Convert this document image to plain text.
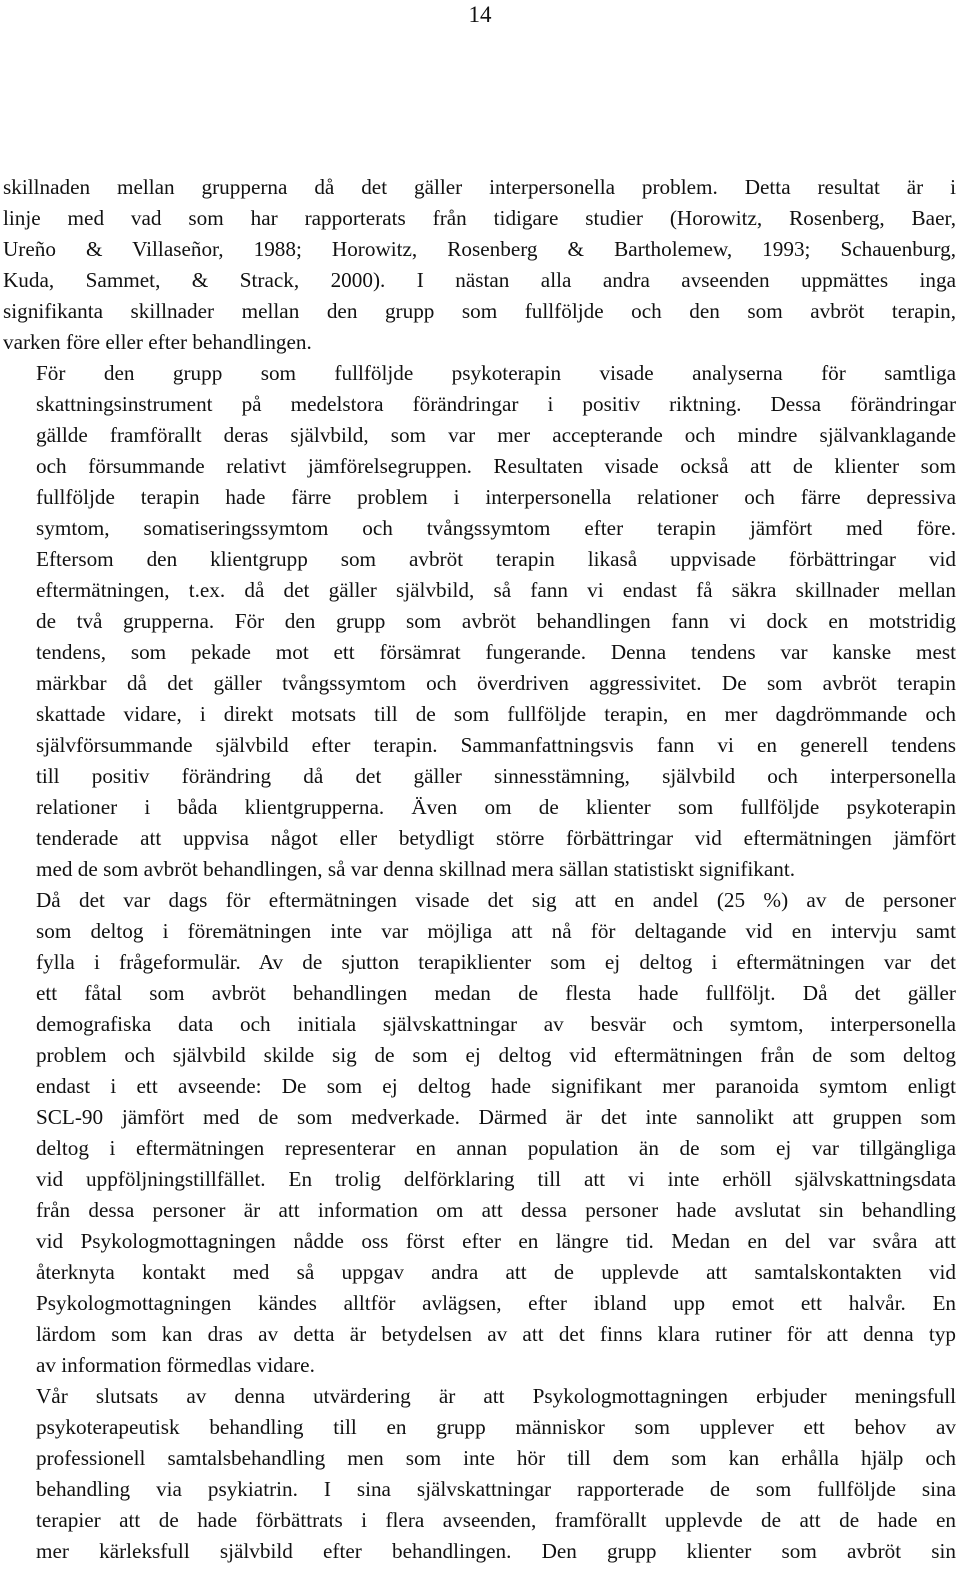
14

skillnaden mellan grupperna då det gäller interpersonella problem. Detta resultat är i
linje med vad som har rapporterats från tidigare studier (Horowitz, Rosenberg, Baer,
Ureño & Villaseñor, 1988; Horowitz, Rosenberg & Bartholemew, 1993; Schauenburg,
Kuda, Sammet, & Strack, 2000). I nästan alla andra avseenden uppmättes inga
signifikanta skillnader mellan den grupp som fullföljde och den som avbröt terapin,
varken före eller efter behandlingen.

För den grupp som fullföljde psykoterapin visade analyserna för samtliga
skattningsinstrument på medelstora förändringar i positiv riktning. Dessa förändringar
gällde framförallt deras självbild, som var mer accepterande och mindre självanklagande
och försummande relativt jämförelsegruppen. Resultaten visade också att de klienter som
fullföljde terapin hade färre problem i interpersonella relationer och färre depressiva
symtom, somatiseringssymtom och tvångssymtom efter terapin jämfört med före.
Eftersom den klientgrupp som avbröt terapin likaså uppvisade förbättringar vid
eftermätningen, t.ex. då det gäller självbild, så fann vi endast få säkra skillnader mellan
de två grupperna. För den grupp som avbröt behandlingen fann vi dock en motstridig
tendens, som pekade mot ett försämrat fungerande. Denna tendens var kanske mest
märkbar då det gäller tvångssymtom och överdriven aggressivitet. De som avbröt terapin
skattade vidare, i direkt motsats till de som fullföljde terapin, en mer dagdrömmande och
självförsummande självbild efter terapin. Sammanfattningsvis fann vi en generell tendens
till positiv förändring då det gäller sinnesstämning, självbild och interpersonella
relationer i båda klientgrupperna. Även om de klienter som fullföljde psykoterapin
tenderade att uppvisa något eller betydligt större förbättringar vid eftermätningen jämfört
med de som avbröt behandlingen, så var denna skillnad mera sällan statistiskt signifikant.

Då det var dags för eftermätningen visade det sig att en andel (25 %) av de personer
som deltog i föremätningen inte var möjliga att nå för deltagande vid en intervju samt
fylla i frågeformulär. Av de sjutton terapiklienter som ej deltog i eftermätningen var det
ett fåtal som avbröt behandlingen medan de flesta hade fullföljt. Då det gäller
demografiska data och initiala självskattningar av besvär och symtom, interpersonella
problem och självbild skilde sig de som ej deltog vid eftermätningen från de som deltog
endast i ett avseende: De som ej deltog hade signifikant mer paranoida symtom enligt
SCL-90 jämfört med de som medverkade. Därmed är det inte sannolikt att gruppen som
deltog i eftermätningen representerar en annan population än de som ej var tillgängliga
vid uppföljningstillfället. En trolig delförklaring till att vi inte erhöll självskattningsdata
från dessa personer är att information om att dessa personer hade avslutat sin behandling
vid Psykologmottagningen nådde oss först efter en längre tid. Medan en del var svåra att
återknyta kontakt med så uppgav andra att de upplevde att samtalskontakten vid
Psykologmottagningen kändes alltför avlägsen, efter ibland upp emot ett halvår. En
lärdom som kan dras av detta är betydelsen av att det finns klara rutiner för att denna typ
av information förmedlas vidare.

Vår slutsats av denna utvärdering är att Psykologmottagningen erbjuder meningsfull
psykoterapeutisk behandling till en grupp människor som upplever ett behov av
professionell samtalsbehandling men som inte hör till dem som kan erhålla hjälp och
behandling via psykiatrin. I sina självskattningar rapporterade de som fullföljde sina
terapier att de hade förbättrats i flera avseenden, framförallt upplevde de att de hade en
mer kärleksfull självbild efter behandlingen. Den grupp klienter som avbröt sin
